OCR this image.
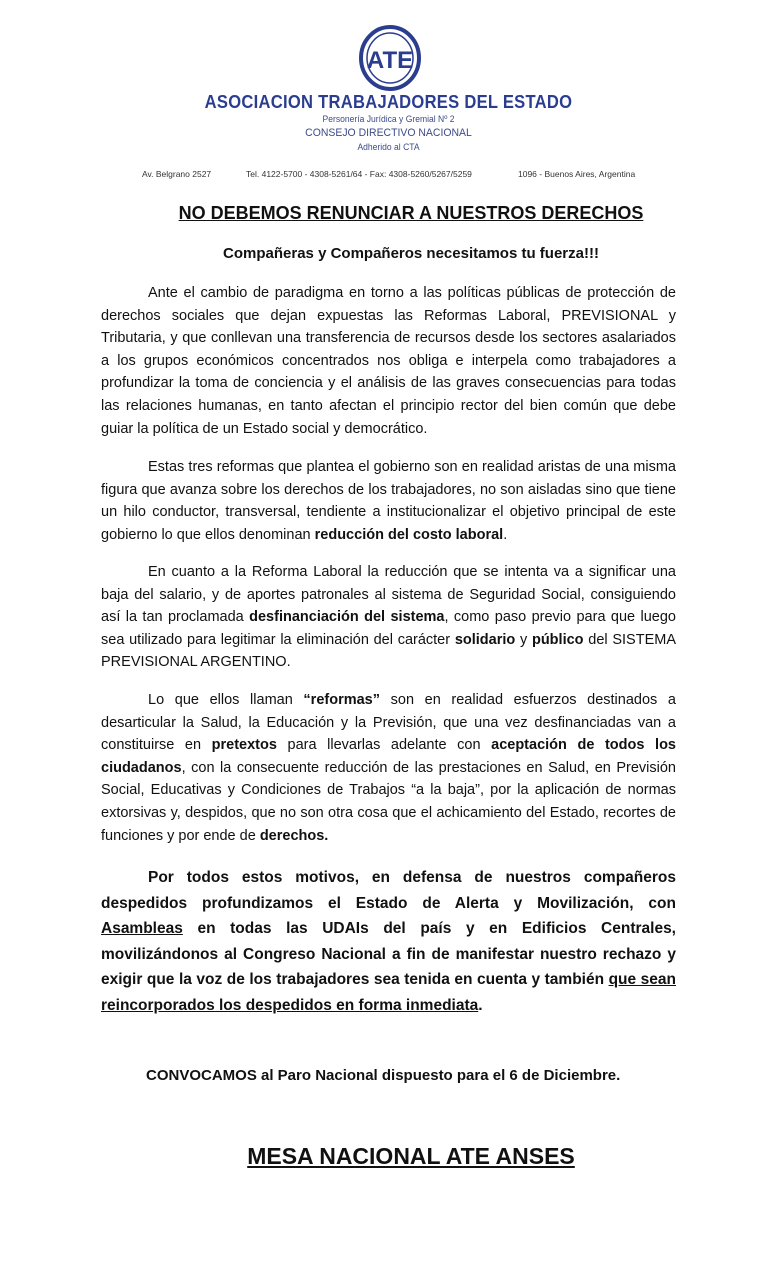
ATE
ASOCIACION TRABAJADORES DEL ESTADO
Personería Jurídica y Gremial Nº 2
CONSEJO DIRECTIVO NACIONAL
Adherido al CTA
Av. Belgrano 2527	Tel. 4122-5700 - 4308-5261/64 - Fax: 4308-5260/5267/5259	1096 - Buenos Aires, Argentina
NO DEBEMOS RENUNCIAR A NUESTROS DERECHOS
Compañeras y Compañeros necesitamos tu fuerza!!!
Ante el cambio de paradigma en torno a las políticas públicas de protección de derechos sociales que dejan expuestas las Reformas Laboral, PREVISIONAL y Tributaria, y que conllevan una transferencia de recursos desde los sectores asalariados a los grupos económicos concentrados nos obliga e interpela como trabajadores a profundizar la toma de conciencia y el análisis de las graves consecuencias para todas las relaciones humanas, en tanto afectan el principio rector del bien común que debe guiar la política de un Estado social y democrático.
Estas tres reformas que plantea el gobierno son en realidad aristas de una misma figura que avanza sobre los derechos de los trabajadores, no son aisladas sino que tiene un hilo conductor, transversal, tendiente a institucionalizar el objetivo principal de este gobierno lo que ellos denominan reducción del costo laboral.
En cuanto a la Reforma Laboral la reducción que se intenta va a significar una baja del salario, y de aportes patronales al sistema de Seguridad Social, consiguiendo así la tan proclamada desfinanciación del sistema, como paso previo para que luego sea utilizado para legitimar la eliminación del carácter solidario y público del SISTEMA PREVISIONAL ARGENTINO.
Lo que ellos llaman “reformas” son en realidad esfuerzos destinados a desarticular la Salud, la Educación y la Previsión, que una vez desfinanciadas van a constituirse en pretextos para llevarlas adelante con aceptación de todos los ciudadanos, con la consecuente reducción de las prestaciones en Salud, en Previsión Social, Educativas y Condiciones de Trabajos “a la baja”, por la aplicación de normas extorsivas y, despidos, que no son otra cosa que el achicamiento del Estado, recortes de funciones y por ende de derechos.
Por todos estos motivos, en defensa de nuestros compañeros despedidos profundizamos el Estado de Alerta y Movilización, con Asambleas en todas las UDAIs del país y en Edificios Centrales, movilizándonos al Congreso Nacional a fin de manifestar nuestro rechazo y exigir que la voz de los trabajadores sea tenida en cuenta y también que sean reincorporados los despedidos en forma inmediata.
CONVOCAMOS al Paro Nacional dispuesto para el 6 de Diciembre.
MESA NACIONAL ATE ANSES
